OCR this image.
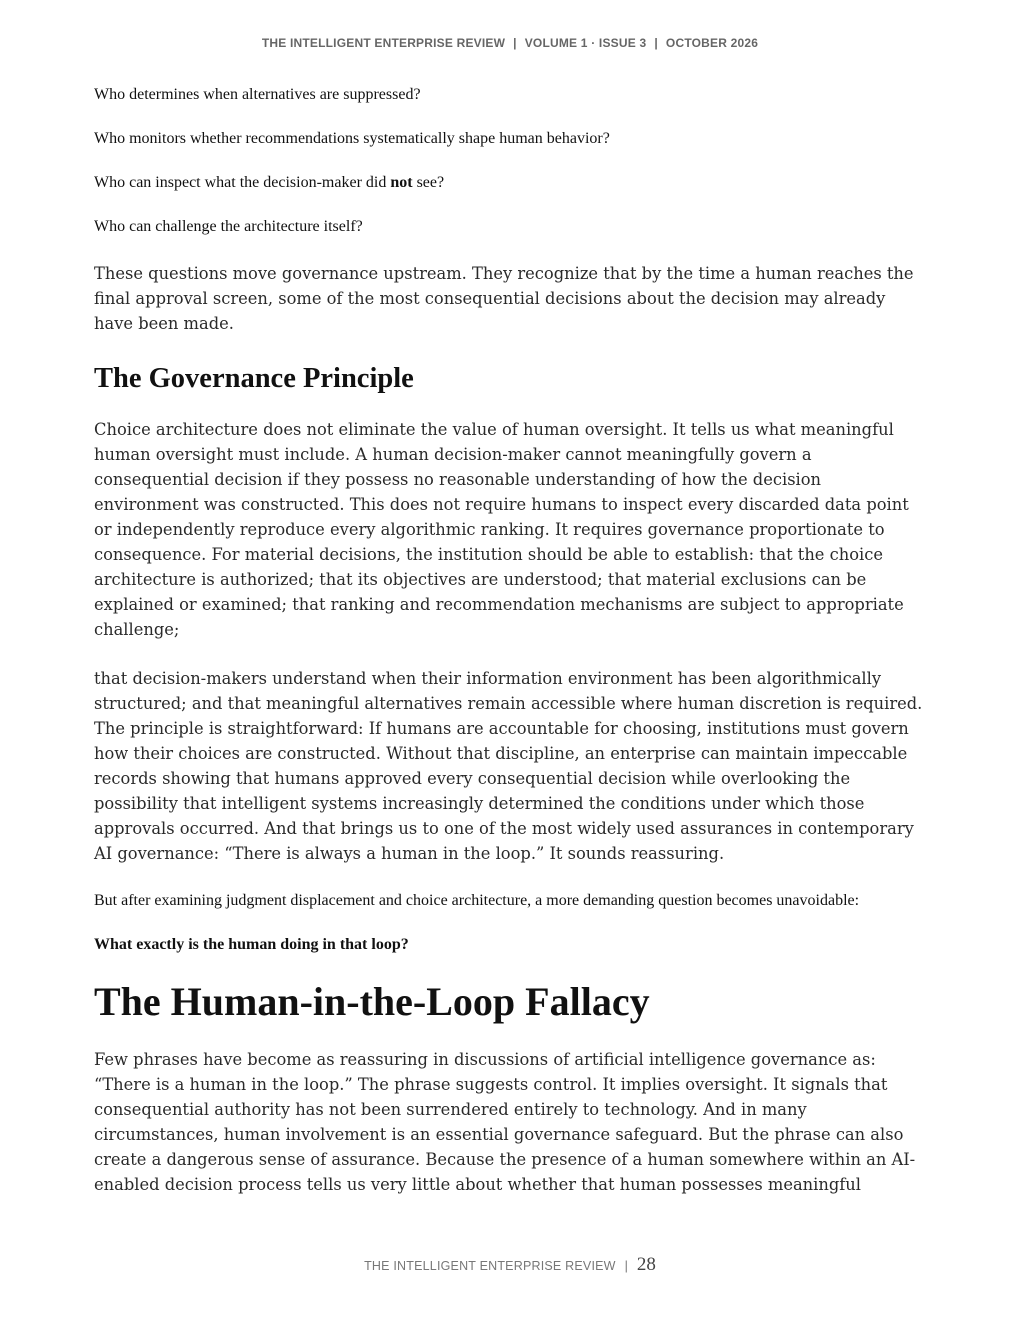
THE INTELLIGENT ENTERPRISE REVIEW | VOLUME 1 · ISSUE 3 | OCTOBER 2026

Who determines when alternatives are suppressed?

Who monitors whether recommendations systematically shape human behavior?

Who can inspect what the decision-maker did not see?

Who can challenge the architecture itself?

These questions move governance upstream. They recognize that by the time a human reaches the final approval screen, some of the most consequential decisions about the decision may already have been made.

The Governance Principle

Choice architecture does not eliminate the value of human oversight. It tells us what meaningful human oversight must include. A human decision-maker cannot meaningfully govern a consequential decision if they possess no reasonable understanding of how the decision environment was constructed. This does not require humans to inspect every discarded data point or independently reproduce every algorithmic ranking. It requires governance proportionate to consequence. For material decisions, the institution should be able to establish: that the choice architecture is authorized; that its objectives are understood; that material exclusions can be explained or examined; that ranking and recommendation mechanisms are subject to appropriate challenge;

that decision-makers understand when their information environment has been algorithmically structured; and that meaningful alternatives remain accessible where human discretion is required. The principle is straightforward: If humans are accountable for choosing, institutions must govern how their choices are constructed. Without that discipline, an enterprise can maintain impeccable records showing that humans approved every consequential decision while overlooking the possibility that intelligent systems increasingly determined the conditions under which those approvals occurred. And that brings us to one of the most widely used assurances in contemporary AI governance: “There is always a human in the loop.” It sounds reassuring.

But after examining judgment displacement and choice architecture, a more demanding question becomes unavoidable:

What exactly is the human doing in that loop?

The Human-in-the-Loop Fallacy

Few phrases have become as reassuring in discussions of artificial intelligence governance as: “There is a human in the loop.” The phrase suggests control. It implies oversight. It signals that consequential authority has not been surrendered entirely to technology. And in many circumstances, human involvement is an essential governance safeguard. But the phrase can also create a dangerous sense of assurance. Because the presence of a human somewhere within an AI-enabled decision process tells us very little about whether that human possesses meaningful

THE INTELLIGENT ENTERPRISE REVIEW | 28
